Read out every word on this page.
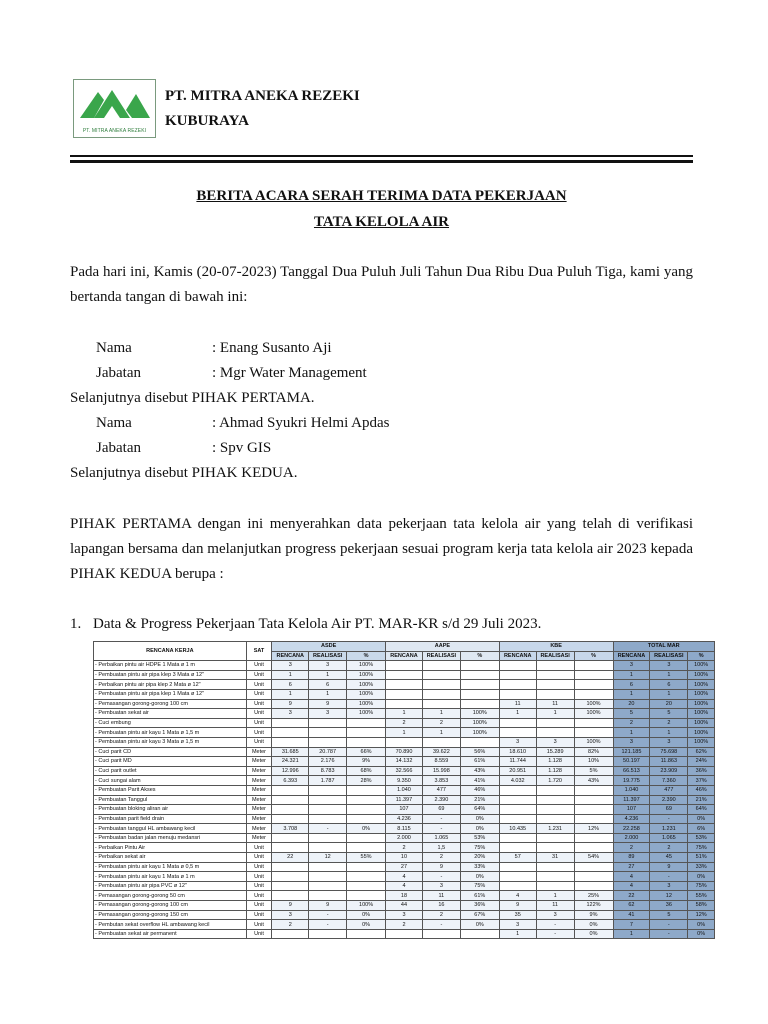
PT. MITRA ANEKA REZEKI
PT. MITRA ANEKA REZEKI
KUBURAYA
BERITA ACARA SERAH TERIMA DATA PEKERJAAN
TATA KELOLA AIR
Pada hari ini, Kamis (20-07-2023) Tanggal Dua Puluh Juli Tahun Dua Ribu Dua Puluh Tiga, kami yang bertanda tangan di bawah ini:
Nama	: Enang Susanto Aji
Jabatan	: Mgr Water Management
Selanjutnya disebut PIHAK PERTAMA.
Nama	: Ahmad Syukri Helmi Apdas
Jabatan	: Spv GIS
Selanjutnya disebut PIHAK KEDUA.
PIHAK PERTAMA dengan ini menyerahkan data pekerjaan tata kelola air yang telah di verifikasi lapangan bersama dan melanjutkan progress pekerjaan sesuai program kerja tata kelola air 2023 kepada PIHAK KEDUA berupa :
1. Data & Progress Pekerjaan Tata Kelola Air PT. MAR-KR s/d 29 Juli 2023.
RENCANA KERJA	SAT	ASDE			AAPE			KBE			TOTAL MAR		
		RENCANA	REALISASI	%	RENCANA	REALISASI	%	RENCANA	REALISASI	%	RENCANA	REALISASI	%
- Perbaikan pintu air HDPE 1 Mata ø 1 m	Unit	3	3	100%							3	3	100%
- Pembuatan pintu air pipa klep 3 Mata ø 12"	Unit	1	1	100%							1	1	100%
- Perbaikan pintu air pipa klep 2 Mata ø 12"	Unit	6	6	100%							6	6	100%
- Pembuatan pintu air pipa klep 1 Mata ø 12"	Unit	1	1	100%							1	1	100%
- Pemasangan gorong-gorong 100 cm	Unit	9	9	100%				11	11	100%	20	20	100%
- Pembuatan sekat air	Unit	3	3	100%	1	1	100%	1	1	100%	5	5	100%
- Cuci embung	Unit				2	2	100%				2	2	100%
- Pembuatan pintu air kayu 1 Mata ø 1,5 m	Unit				1	1	100%				1	1	100%
- Pembuatan pintu air kayu 3 Mata ø 1,5 m	Unit							3	3	100%	3	3	100%
- Cuci parit CD	Meter	31.685	20.787	66%	70.890	39.622	56%	18.610	15.289	82%	121.185	75.698	62%
- Cuci parit MD	Meter	24.321	2.176	9%	14.132	8.559	61%	11.744	1.128	10%	50.197	11.863	24%
- Cuci parit outlet	Meter	12.996	8.783	68%	32.566	15.998	43%	20.951	1.128	5%	66.513	23.909	36%
- Cuci sungai alam	Meter	6.393	1.787	28%	9.350	3.853	41%	4.032	1.720	43%	19.775	7.360	37%
- Pembuatan Parit Akses	Meter				1.040	477	46%				1.040	477	46%
- Pembuatan Tanggul	Meter				11.397	2.390	21%				11.397	2.390	21%
- Pembuatan bloking aliran air	Meter				107	69	64%				107	69	64%
- Pembuatan parit field drain	Meter				4.236	-	0%				4.236	-	0%
- Pembuatan tanggul HL ambawang kecil	Meter	3.708	-	0%	8.115	-	0%	10.435	1.231	12%	22.258	1.231	6%
- Pembuatan badan jalan menuju medansri	Meter				2.000	1.065	53%				2.000	1.065	53%
- Perbaikan Pintu Air	Unit				2	1,5	75%				2	2	75%
- Perbaikan sekat air	Unit	22	12	55%	10	2	20%	57	31	54%	89	45	51%
- Pembuatan pintu air kayu 1 Mata ø 0,5 m	Unit				27	9	33%				27	9	33%
- Pembuatan pintu air kayu 1 Mata ø 1 m	Unit				4	-	0%				4	-	0%
- Pembuatan pintu air pipa PVC ø 12"	Unit				4	3	75%				4	3	75%
- Pemasangan gorong-gorong 50 cm	Unit				18	11	61%	4	1	25%	22	12	55%
- Pemasangan gorong-gorong 100 cm	Unit	9	9	100%	44	16	36%	9	11	122%	62	36	58%
- Pemasangan gorong-gorong 150 cm	Unit	3	-	0%	3	2	67%	35	3	9%	41	5	12%
- Pembutan sekat overflow HL ambawang kecil	Unit	2	-	0%	2	-	0%	3	-	0%	7	-	0%
- Pembuatan sekat air permanent	Unit							1	-	0%	1	-	0%
